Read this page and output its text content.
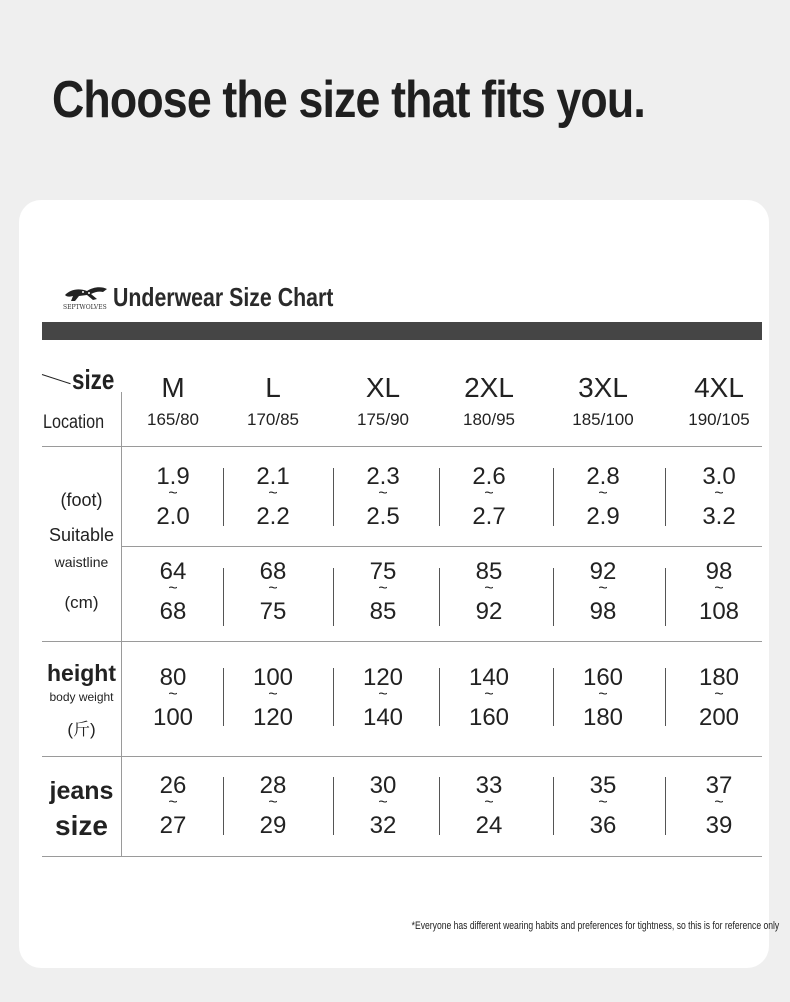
Choose the size that fits you.
SEPTWOLVES Underwear Size Chart
size
Location
M
165/80
L
170/85
XL
175/90
2XL
180/95
3XL
185/100
4XL
190/105
(foot)
Suitable
waistline
(cm)
height
body weight
(斤)
jeans
size
1.9
~
2.0
2.1
~
2.2
2.3
~
2.5
2.6
~
2.7
2.8
~
2.9
3.0
~
3.2
64
~
68
68
~
75
75
~
85
85
~
92
92
~
98
98
~
108
80
~
100
100
~
120
120
~
140
140
~
160
160
~
180
180
~
200
26
~
27
28
~
29
30
~
32
33
~
24
35
~
36
37
~
39
*Everyone has different wearing habits and preferences for tightness, so this is for reference only
